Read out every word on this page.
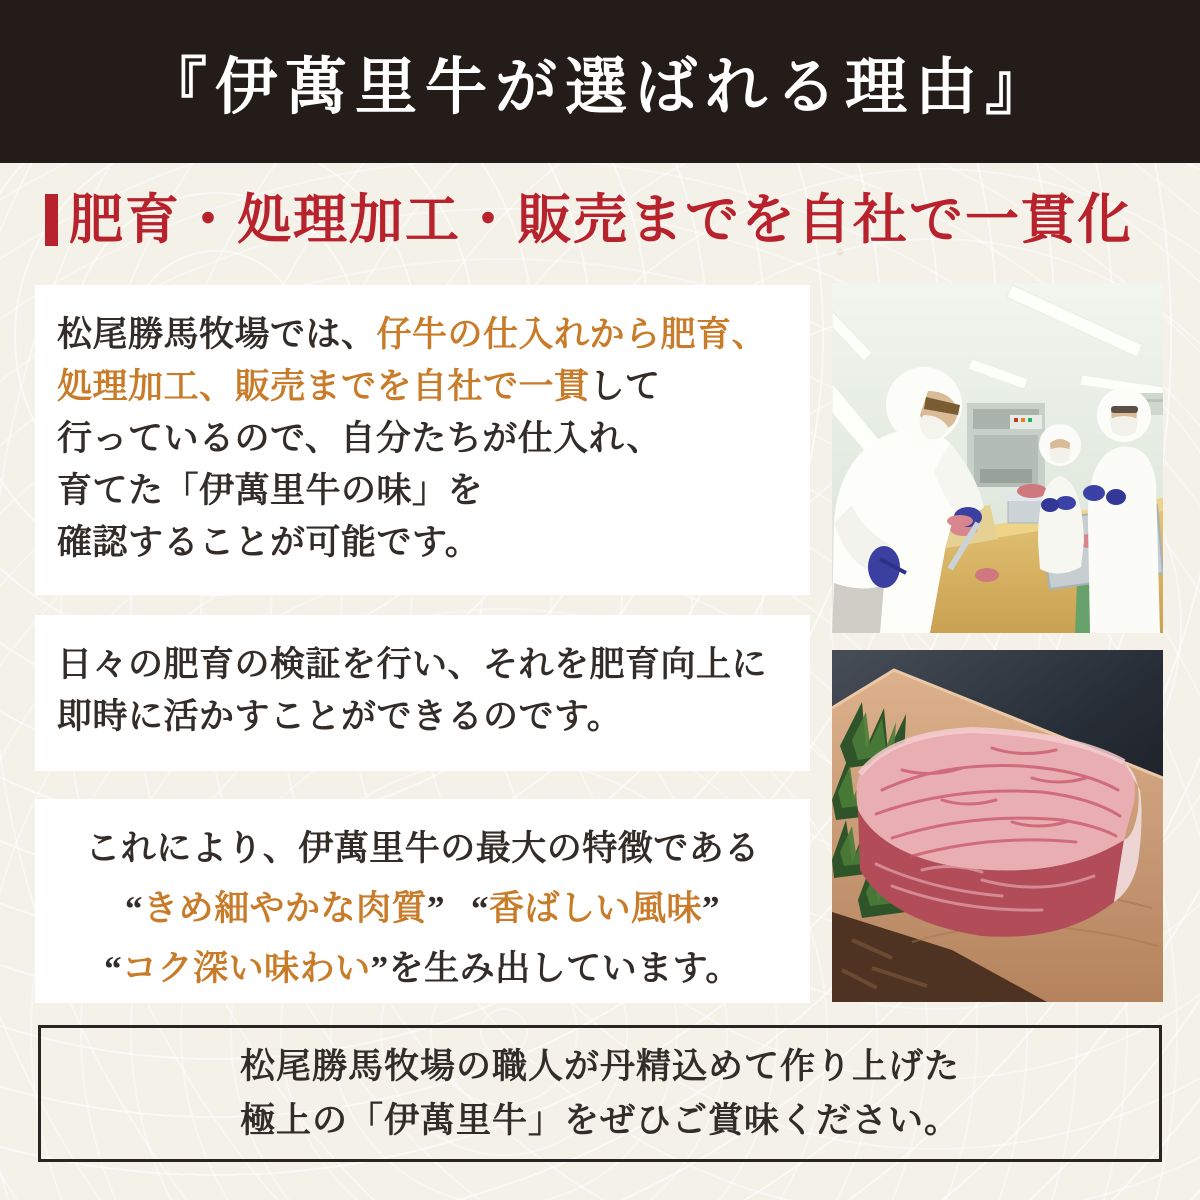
『伊萬里牛が選ばれる理由』
肥育・処理加工・販売までを自社で一貫化

松尾勝馬牧場では、仔牛の仕入れから肥育、

処理加工、販売までを自社で一貫して

行っているので、自分たちが仕入れ、

育てた「伊萬里牛の味」を

確認することが可能です。

日々の肥育の検証を行い、それを肥育向上に

即時に活かすことができるのです。

これにより、伊萬里牛の最大の特徴である

“きめ細やかな肉質” “香ばしい風味”

“コク深い味わい”を生み出しています。

松尾勝馬牧場の職人が丹精込めて作り上げた

極上の「伊萬里牛」をぜひご賞味ください。
